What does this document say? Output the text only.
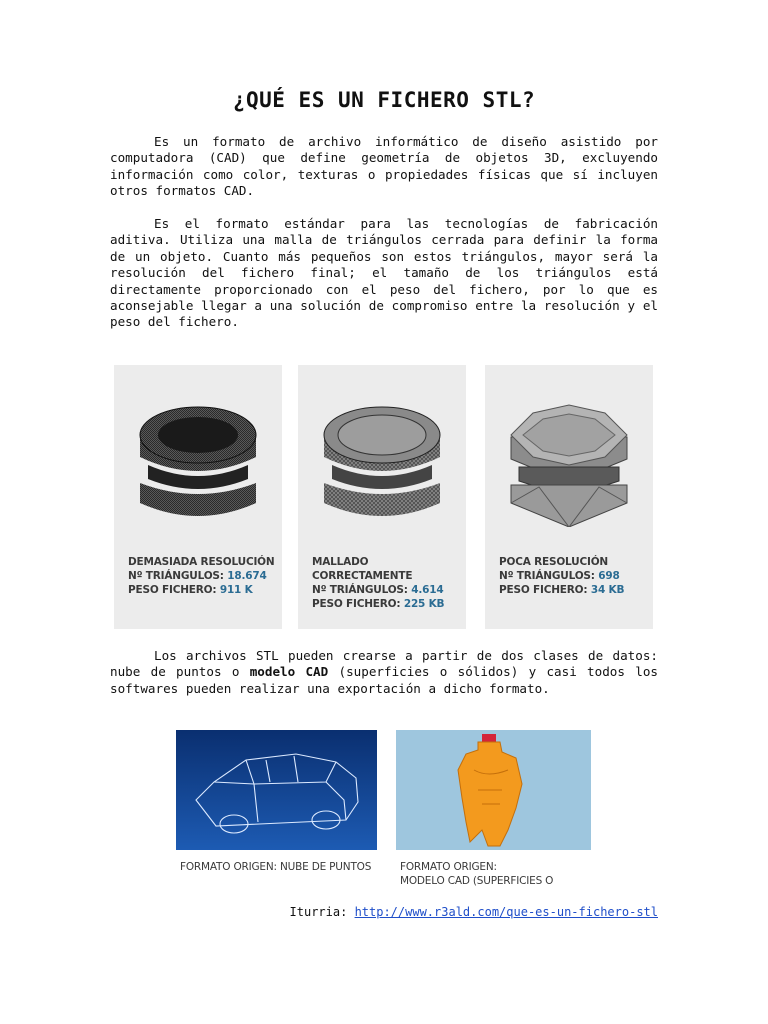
¿QUÉ ES UN FICHERO STL?

Es un formato de archivo informático de diseño asistido por computadora (CAD) que define geometría de objetos 3D, excluyendo información como color, texturas o propiedades físicas que sí incluyen otros formatos CAD.

Es el formato estándar para las tecnologías de fabricación aditiva. Utiliza una malla de triángulos cerrada para definir la forma de un objeto. Cuanto más pequeños son estos triángulos, mayor será la resolución del fichero final; el tamaño de los triángulos está directamente proporcionado con el peso del fichero, por lo que es aconsejable llegar a una solución de compromiso entre la resolución y el peso del fichero.

DEMASIADA RESOLUCIÓN
Nº TRIÁNGULOS: 18.674
PESO FICHERO: 911 K
MALLADO CORRECTAMENTE
Nº TRIÁNGULOS: 4.614
PESO FICHERO: 225 KB
POCA RESOLUCIÓN
Nº TRIÁNGULOS: 698
PESO FICHERO: 34 KB

Los archivos STL pueden crearse a partir de dos clases de datos: nube de puntos o modelo CAD (superficies o sólidos) y casi todos los softwares pueden realizar una exportación a dicho formato.

FORMATO ORIGEN: NUBE DE PUNTOS	FORMATO ORIGEN:
MODELO CAD (SUPERFICIES O
Iturria: http://www.r3ald.com/que-es-un-fichero-stl
